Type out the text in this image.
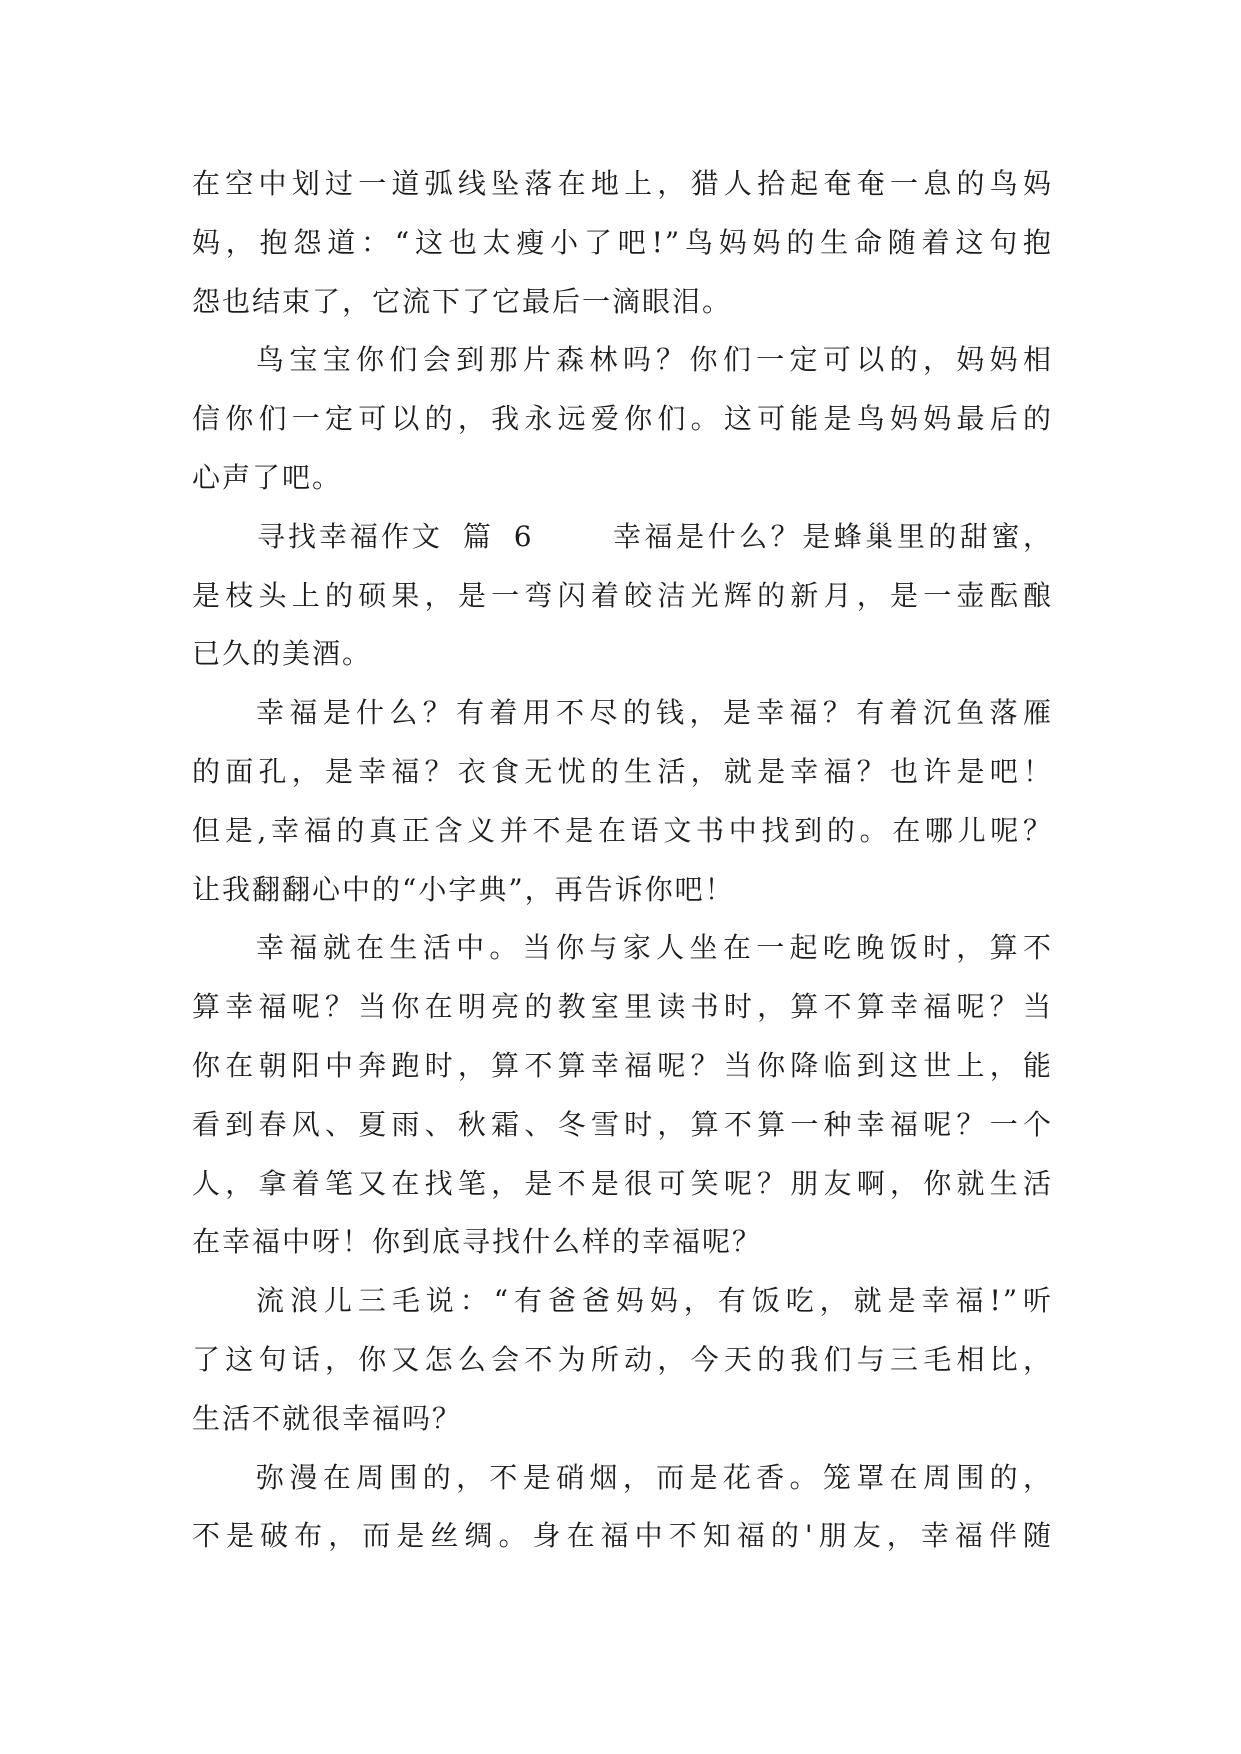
在空中划过一道弧线坠落在地上，猎人拾起奄奄一息的鸟妈
妈，抱怨道：“这也太瘦小了吧!”鸟妈妈的生命随着这句抱
怨也结束了，它流下了它最后一滴眼泪。
鸟宝宝你们会到那片森林吗？你们一定可以的，妈妈相
信你们一定可以的，我永远爱你们。这可能是鸟妈妈最后的
心声了吧。
寻找幸福作文 篇 6	幸福是什么？是蜂巢里的甜蜜，
是枝头上的硕果，是一弯闪着皎洁光辉的新月，是一壶酝酿
已久的美酒。
幸福是什么？有着用不尽的钱，是幸福？有着沉鱼落雁
的面孔，是幸福？衣食无忧的生活，就是幸福？也许是吧！
但是,幸福的真正含义并不是在语文书中找到的。在哪儿呢？
让我翻翻心中的“小字典”，再告诉你吧！
幸福就在生活中。当你与家人坐在一起吃晚饭时，算不
算幸福呢？当你在明亮的教室里读书时，算不算幸福呢？当
你在朝阳中奔跑时，算不算幸福呢？当你降临到这世上，能
看到春风、夏雨、秋霜、冬雪时，算不算一种幸福呢？一个
人，拿着笔又在找笔，是不是很可笑呢？朋友啊，你就生活
在幸福中呀！你到底寻找什么样的幸福呢？
流浪儿三毛说：“有爸爸妈妈，有饭吃，就是幸福!”听
了这句话，你又怎么会不为所动，今天的我们与三毛相比，
生活不就很幸福吗？
弥漫在周围的，不是硝烟，而是花香。笼罩在周围的，
不是破布，而是丝绸。身在福中不知福的'朋友，幸福伴随
